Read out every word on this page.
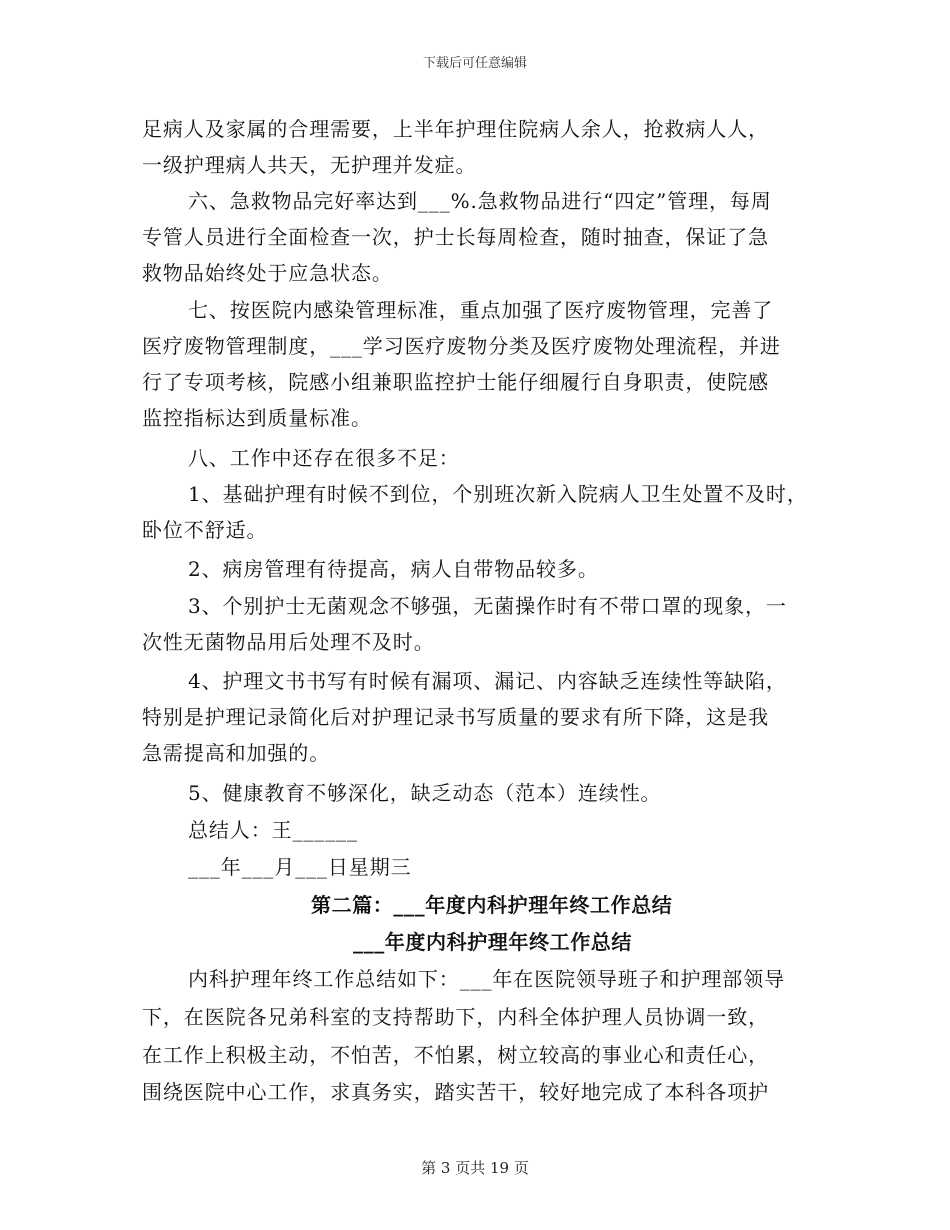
下载后可任意编辑
足病人及家属的合理需要，上半年护理住院病人余人，抢救病人人，
一级护理病人共天，无护理并发症。
六、急救物品完好率达到___%.急救物品进行“四定”管理，每周
专管人员进行全面检查一次，护士长每周检查，随时抽查，保证了急
救物品始终处于应急状态。
七、按医院内感染管理标准，重点加强了医疗废物管理，完善了
医疗废物管理制度，___学习医疗废物分类及医疗废物处理流程，并进
行了专项考核，院感小组兼职监控护士能仔细履行自身职责，使院感
监控指标达到质量标准。
八、工作中还存在很多不足：
1、基础护理有时候不到位，个别班次新入院病人卫生处置不及时，
卧位不舒适。
2、病房管理有待提高，病人自带物品较多。
3、个别护士无菌观念不够强，无菌操作时有不带口罩的现象，一
次性无菌物品用后处理不及时。
4、护理文书书写有时候有漏项、漏记、内容缺乏连续性等缺陷，
特别是护理记录简化后对护理记录书写质量的要求有所下降，这是我
急需提高和加强的。
5、健康教育不够深化，缺乏动态（范本）连续性。
总结人：王______
___年___月___日星期三
第二篇：___年度内科护理年终工作总结
___年度内科护理年终工作总结
内科护理年终工作总结如下：___年在医院领导班子和护理部领导
下，在医院各兄弟科室的支持帮助下，内科全体护理人员协调一致，
在工作上积极主动，不怕苦，不怕累，树立较高的事业心和责任心，
围绕医院中心工作，求真务实，踏实苦干，较好地完成了本科各项护
第 3 页共 19 页
